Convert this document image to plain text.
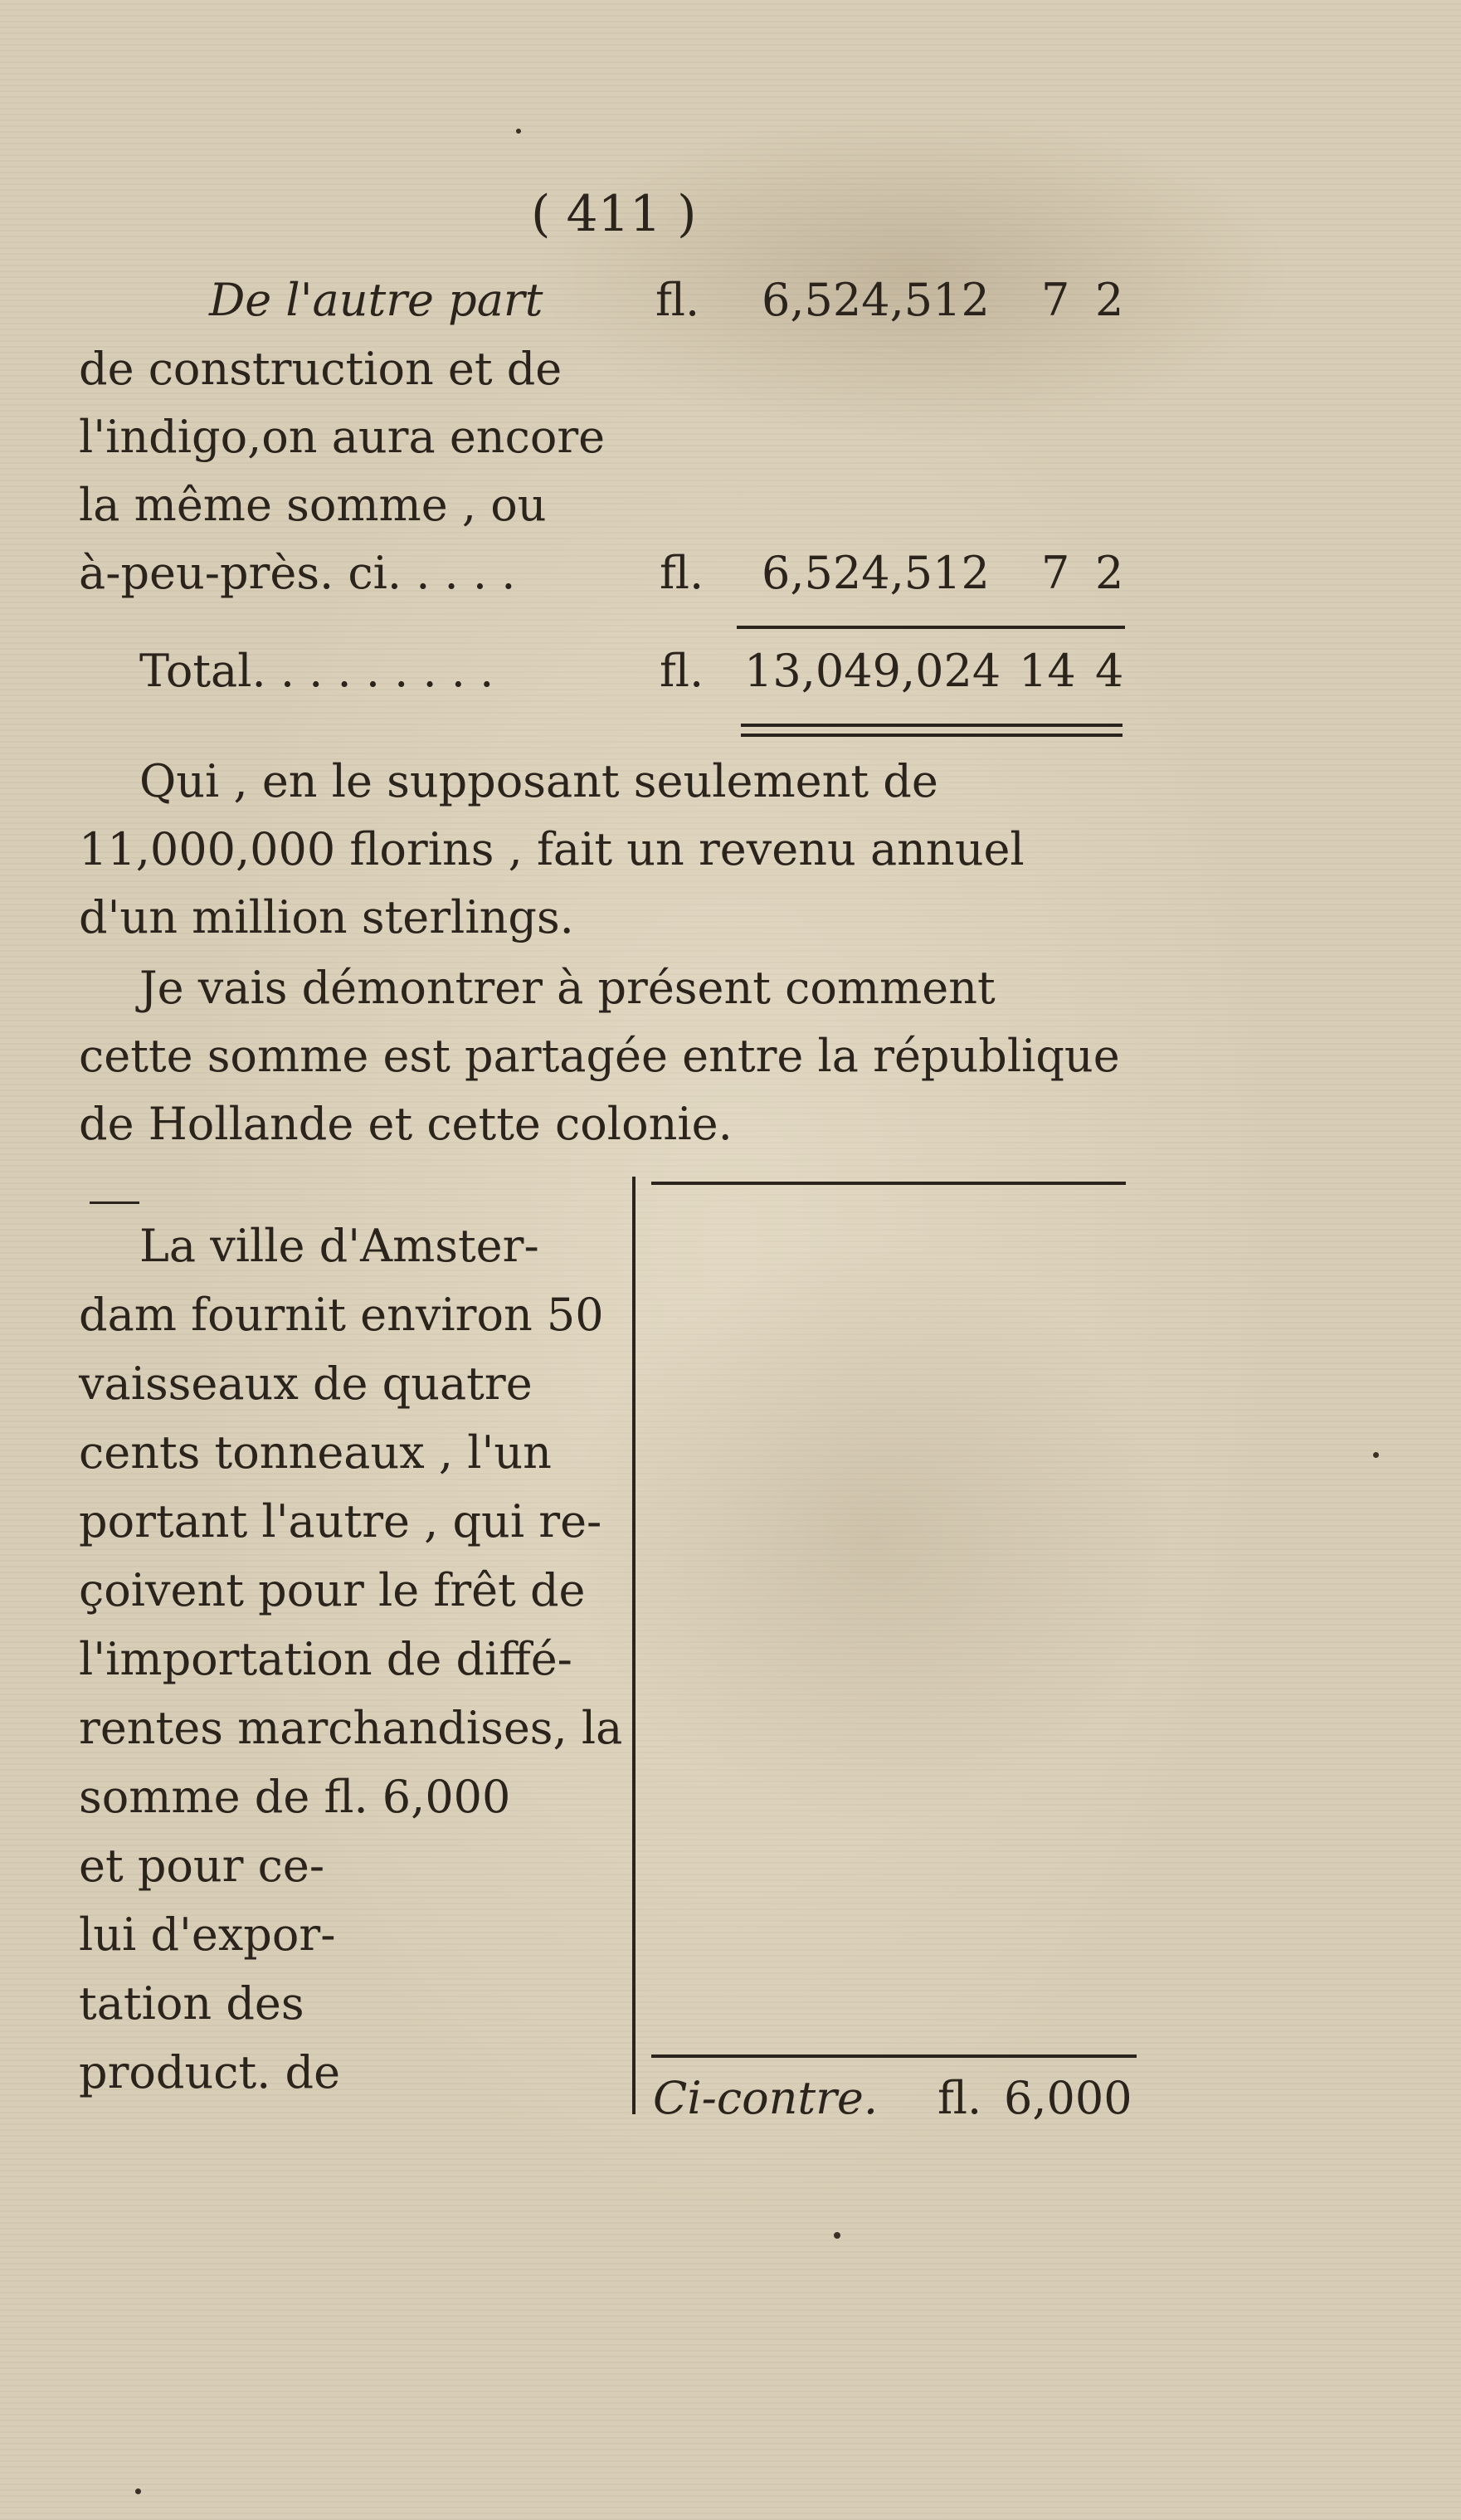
( 411 )
De l'autre part	fl. 6,524,512 7 2
de construction et de
l'indigo,on aura encore
la même somme , ou
à-peu-près. ci. . . . .	fl. 6,524,512 7 2
Total. . . . . . . . .	fl. 13,049,024 14 4
Qui , en le supposant seulement de
11,000,000 florins , fait un revenu annuel
d'un million sterlings.
Je vais démontrer à présent comment
cette somme est partagée entre la république
de Hollande et cette colonie.
La ville d'Amster-
dam fournit environ 50
vaisseaux de quatre
cents tonneaux , l'un
portant l'autre , qui re-
çoivent pour le frêt de
l'importation de diffé-
rentes marchandises, la
somme de fl. 6,000
et pour ce-
lui d'expor-
tation des
product. de	Ci-contre. fl. 6,000
